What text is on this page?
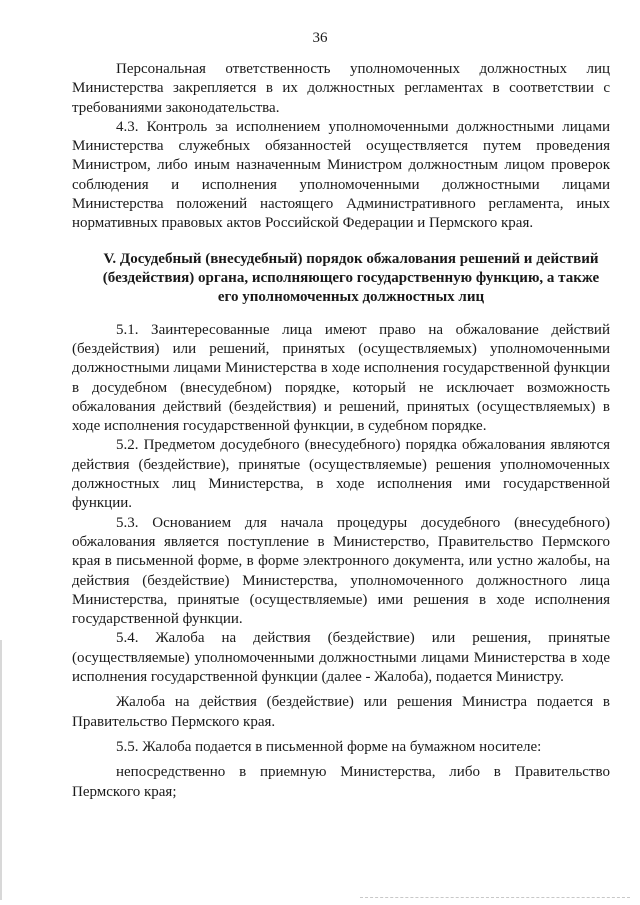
36

Персональная ответственность уполномоченных должностных лиц Министерства закрепляется в их должностных регламентах в соответствии с требованиями законодательства.

4.3. Контроль за исполнением уполномоченными должностными лицами Министерства служебных обязанностей осуществляется путем проведения Министром, либо иным назначенным Министром должностным лицом проверок соблюдения и исполнения уполномоченными должностными лицами Министерства положений настоящего Административного регламента, иных нормативных правовых актов Российской Федерации и Пермского края.

V. Досудебный (внесудебный) порядок обжалования решений и действий (бездействия) органа, исполняющего государственную функцию, а также его уполномоченных должностных лиц

5.1. Заинтересованные лица имеют право на обжалование действий (бездействия) или решений, принятых (осуществляемых) уполномоченными должностными лицами Министерства в ходе исполнения государственной функции в досудебном (внесудебном) порядке, который не исключает возможность обжалования действий (бездействия) и решений, принятых (осуществляемых) в ходе исполнения государственной функции, в судебном порядке.

5.2. Предметом досудебного (внесудебного) порядка обжалования являются действия (бездействие), принятые (осуществляемые) решения уполномоченных должностных лиц Министерства, в ходе исполнения ими государственной функции.

5.3. Основанием для начала процедуры досудебного (внесудебного) обжалования является поступление в Министерство, Правительство Пермского края в письменной форме, в форме электронного документа, или устно жалобы, на действия (бездействие) Министерства, уполномоченного должностного лица Министерства, принятые (осуществляемые) ими решения в ходе исполнения государственной функции.

5.4. Жалоба на действия (бездействие) или решения, принятые (осуществляемые) уполномоченными должностными лицами Министерства в ходе исполнения государственной функции (далее - Жалоба), подается Министру.

Жалоба на действия (бездействие) или решения Министра подается в Правительство Пермского края.

5.5. Жалоба подается в письменной форме на бумажном носителе:

непосредственно в приемную Министерства, либо в Правительство Пермского края;
